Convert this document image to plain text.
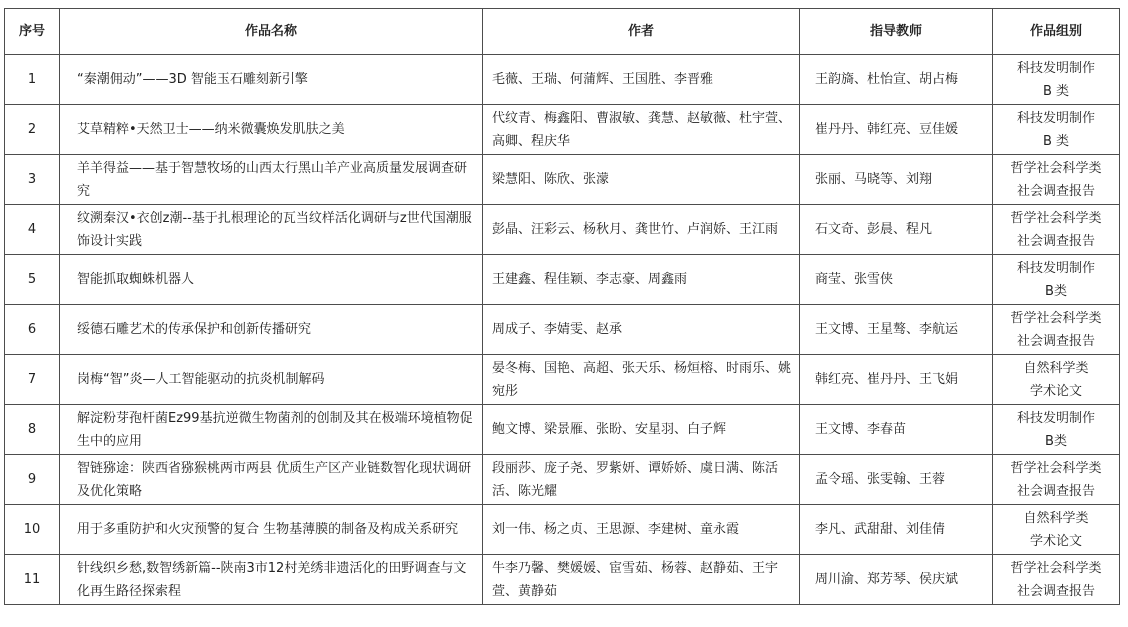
序号	作品名称	作者	指导教师	作品组别
1	“秦潮佣动”——3D 智能玉石雕刻新引擎	毛薇、王瑞、何蒲辉、王国胜、李晋雅	王韵旖、杜怡宣、胡占梅	科技发明制作
B 类

2	艾草精粹•天然卫士——纳米微囊焕发肌肤之美	代纹青、梅鑫阳、曹淑敏、龚慧、赵敏薇、杜宇萱、高卿、程庆华	崔丹丹、韩红亮、豆佳媛	科技发明制作
B 类

3	羊羊得益——基于智慧牧场的山西太行黑山羊产业高质量发展调查研究	梁慧阳、陈欣、张濛	张丽、马晓等、刘翔	哲学社会科学类
社会调查报告

4	纹溯秦汉•衣创z潮--基于扎根理论的瓦当纹样活化调研与z世代国潮服饰设计实践	彭晶、汪彩云、杨秋月、龚世竹、卢润娇、王江雨	石文奇、彭晨、程凡	哲学社会科学类
社会调查报告

5	智能抓取蜘蛛机器人	王建鑫、程佳颖、李志豪、周鑫雨	商莹、张雪侠	科技发明制作
B类

6	绥德石雕艺术的传承保护和创新传播研究	周成子、李婧雯、赵承	王文博、王星骜、李航运	哲学社会科学类
社会调查报告

7	岗梅“智”炎—人工智能驱动的抗炎机制解码	晏冬梅、国艳、高超、张天乐、杨烜榕、时雨乐、姚宛彤	韩红亮、崔丹丹、王飞娟	自然科学类
学术论文

8	解淀粉芽孢杆菌Ez99基抗逆微生物菌剂的创制及其在极端环境植物促生中的应用	鲍文博、梁景雁、张盼、安星羽、白子辉	王文博、李春苗	科技发明制作
B类

9	智链猕途：陕西省猕猴桃两市两县 优质生产区产业链数智化现状调研及优化策略	段丽莎、庞子尧、罗紫妍、谭娇娇、虞日满、陈活活、陈光耀	孟令瑶、张雯翰、王蓉	哲学社会科学类
社会调查报告

10	用于多重防护和火灾预警的复合 生物基薄膜的制备及构成关系研究	刘一伟、杨之贞、王思源、李建树、童永霞	李凡、武甜甜、刘佳倩	自然科学类
学术论文

11	针线织乡愁,数智绣新篇--陕南3市12村羌绣非遗活化的田野调查与文化再生路径探索程	牛李乃馨、樊媛媛、宦雪茹、杨蓉、赵静茹、王宇萱、黄静茹	周川渝、郑芳琴、侯庆斌	哲学社会科学类
社会调查报告
